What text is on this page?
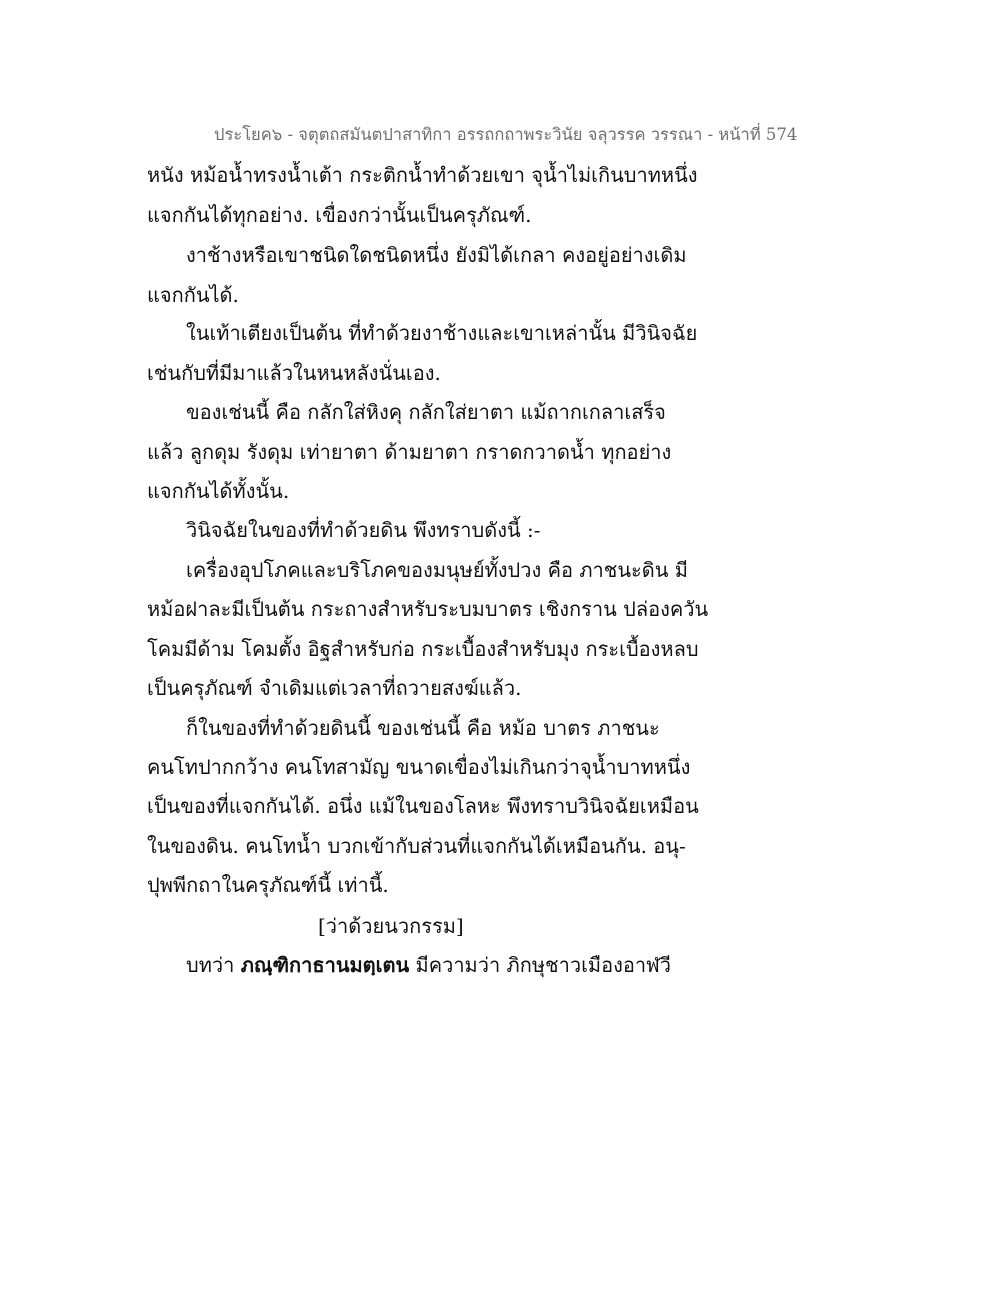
ประโยค๖ - จตุตถสมันตปาสาทิกา อรรถกถาพระวินัย จลุวรรค วรรณา - หน้าที่ 574
หนัง หม้อน้ำทรงน้ำเต้า กระติกน้ำทำด้วยเขา จุน้ำไม่เกินบาทหนึ่ง
แจกกันได้ทุกอย่าง. เขื่องกว่านั้นเป็นครุภัณฑ์.
งาช้างหรือเขาชนิดใดชนิดหนึ่ง ยังมิได้เกลา คงอยู่อย่างเดิม
แจกกันได้.
ในเท้าเตียงเป็นต้น ที่ทำด้วยงาช้างและเขาเหล่านั้น มีวินิจฉัย
เช่นกับที่มีมาแล้วในหนหลังนั่นเอง.
ของเช่นนี้ คือ กลักใส่หิงคุ กลักใส่ยาตา แม้ถากเกลาเสร็จ
แล้ว ลูกดุม รังดุม เท่ายาตา ด้ามยาตา กราดกวาดน้ำ ทุกอย่าง
แจกกันได้ทั้งนั้น.
วินิจฉัยในของที่ทำด้วยดิน พึงทราบดังนี้ :-
เครื่องอุปโภคและบริโภคของมนุษย์ทั้งปวง คือ ภาชนะดิน มี
หม้อฝาละมีเป็นต้น กระถางสำหรับระบมบาตร เชิงกราน ปล่องควัน
โคมมีด้าม โคมตั้ง อิฐสำหรับก่อ กระเบื้องสำหรับมุง กระเบื้องหลบ
เป็นครุภัณฑ์ จำเดิมแต่เวลาที่ถวายสงฆ์แล้ว.
ก็ในของที่ทำด้วยดินนี้ ของเช่นนี้ คือ หม้อ บาตร ภาชนะ
คนโทปากกว้าง คนโทสามัญ ขนาดเขื่องไม่เกินกว่าจุน้ำบาทหนึ่ง
เป็นของที่แจกกันได้. อนึ่ง แม้ในของโลหะ พึงทราบวินิจฉัยเหมือน
ในของดิน. คนโทน้ำ บวกเข้ากับส่วนที่แจกกันได้เหมือนกัน. อนุ-
ปุพพีกถาในครุภัณฑ์นี้ เท่านี้.
[ว่าด้วยนวกรรม]
บทว่า ภณฺฑิกาธานมตฺเตน มีความว่า ภิกษุชาวเมืองอาฬวี
